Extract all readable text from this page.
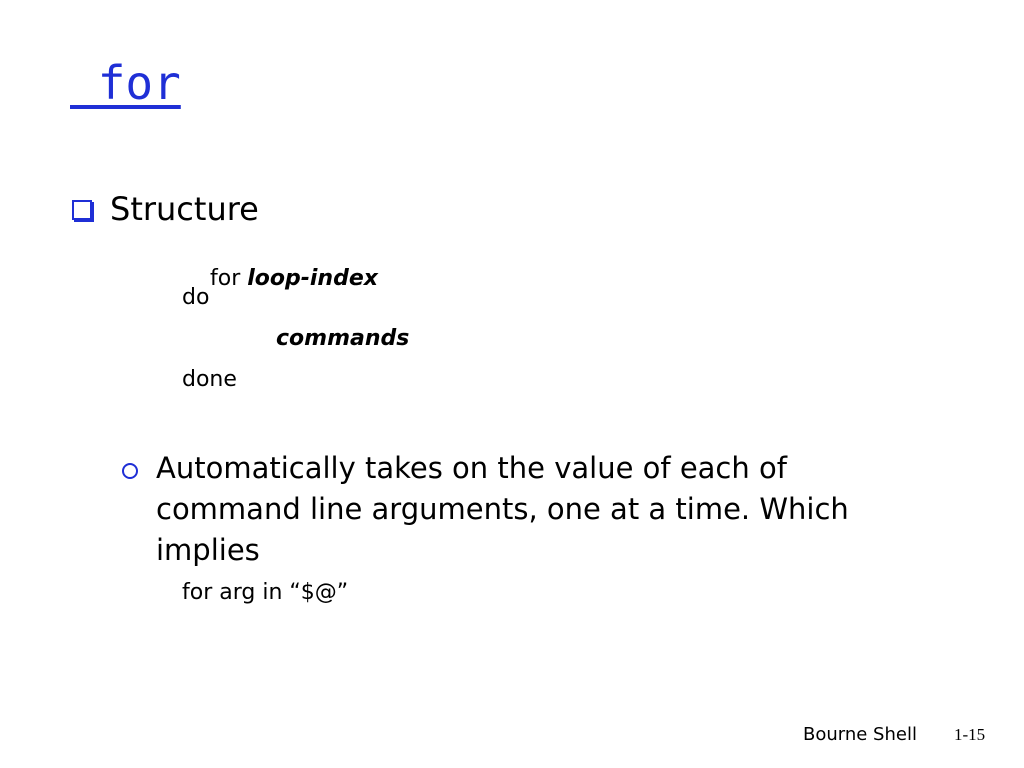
for
Structure

for loop-index

do
commands
done
Automatically takes on the value of each of command line arguments, one at a time. Which implies
for arg in “$@”
Bourne Shell 1-15
